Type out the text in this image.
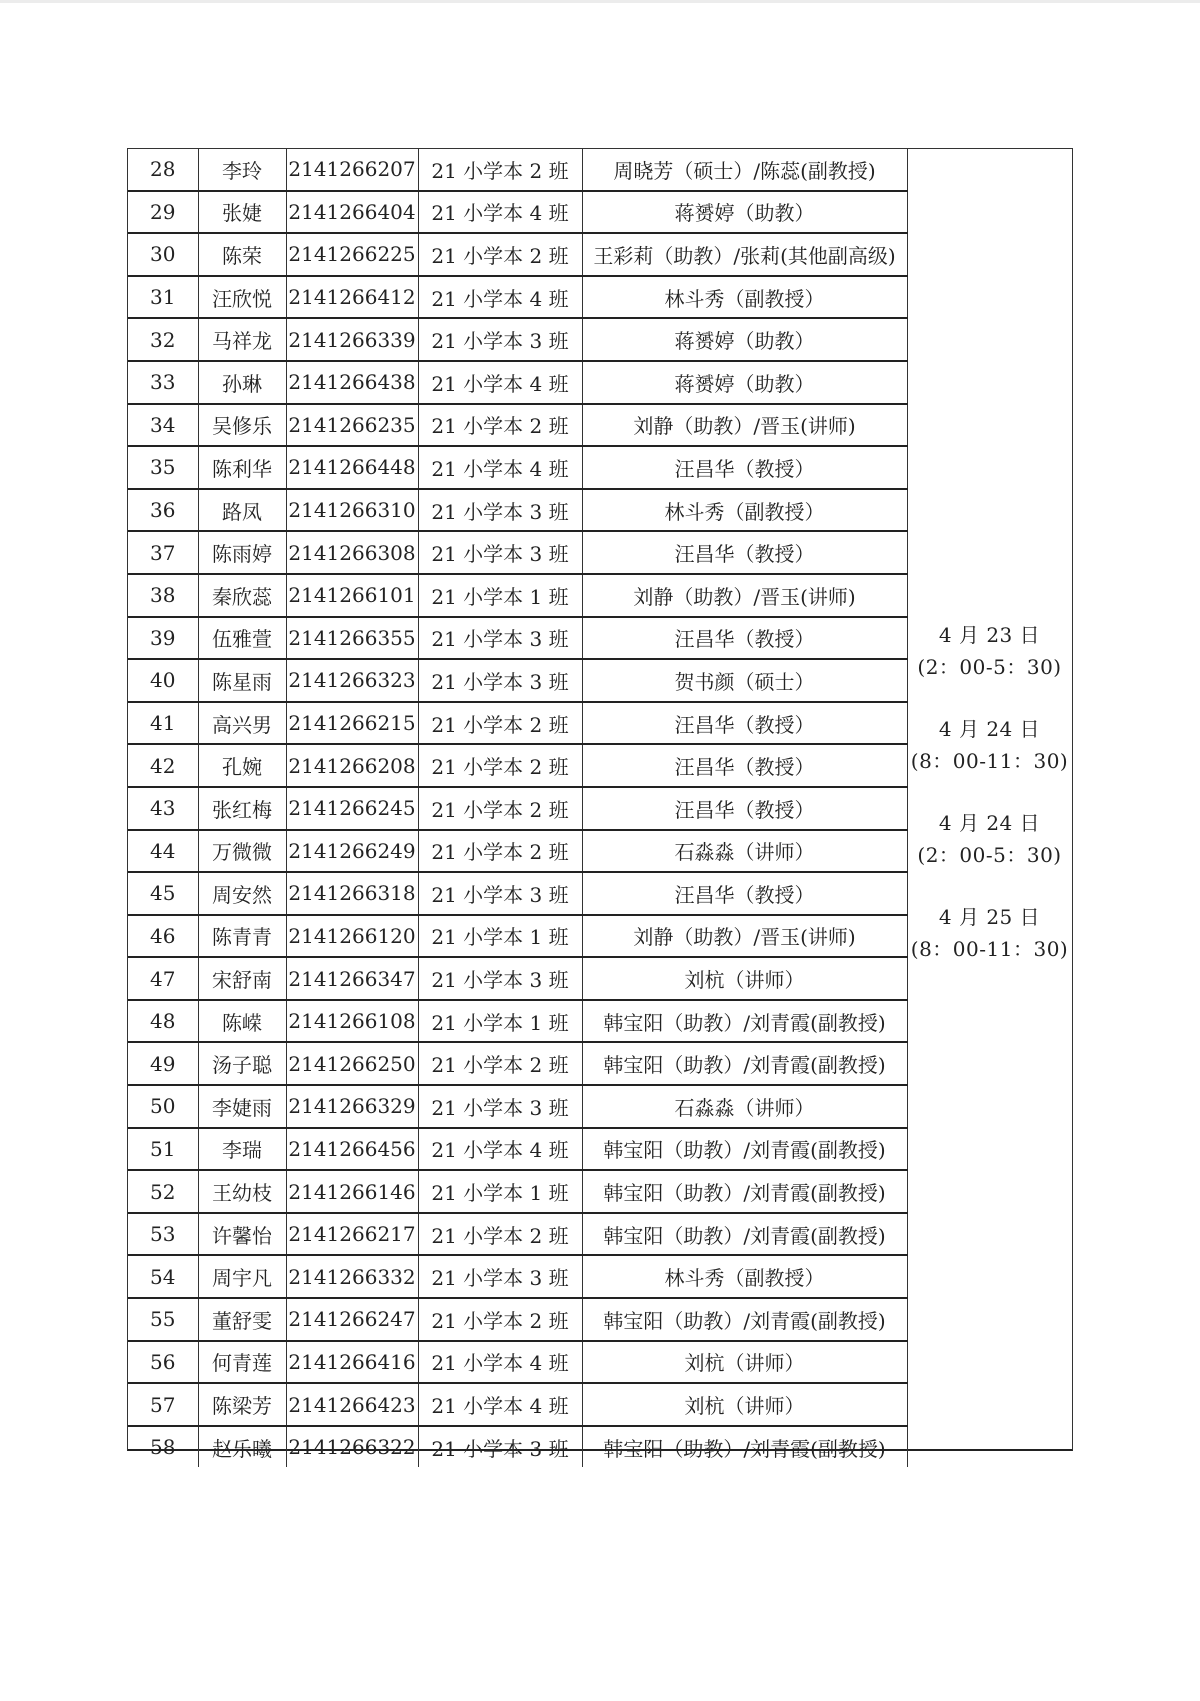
28	李玲	2141266207	21 小学本 2 班	周晓芳（硕士）/陈蕊(副教授)
29	张婕	2141266404	21 小学本 4 班	蒋赟婷（助教）
30	陈荣	2141266225	21 小学本 2 班	王彩莉（助教）/张莉(其他副高级)
31	汪欣悦	2141266412	21 小学本 4 班	林斗秀（副教授）
32	马祥龙	2141266339	21 小学本 3 班	蒋赟婷（助教）
33	孙琳	2141266438	21 小学本 4 班	蒋赟婷（助教）
34	吴修乐	2141266235	21 小学本 2 班	刘静（助教）/晋玉(讲师)
35	陈利华	2141266448	21 小学本 4 班	汪昌华（教授）
36	路凤	2141266310	21 小学本 3 班	林斗秀（副教授）
37	陈雨婷	2141266308	21 小学本 3 班	汪昌华（教授）
38	秦欣蕊	2141266101	21 小学本 1 班	刘静（助教）/晋玉(讲师)
39	伍雅萱	2141266355	21 小学本 3 班	汪昌华（教授）
40	陈星雨	2141266323	21 小学本 3 班	贺书颜（硕士）
41	高兴男	2141266215	21 小学本 2 班	汪昌华（教授）
42	孔婉	2141266208	21 小学本 2 班	汪昌华（教授）
43	张红梅	2141266245	21 小学本 2 班	汪昌华（教授）
44	万微微	2141266249	21 小学本 2 班	石淼淼（讲师）
45	周安然	2141266318	21 小学本 3 班	汪昌华（教授）
46	陈青青	2141266120	21 小学本 1 班	刘静（助教）/晋玉(讲师)
47	宋舒南	2141266347	21 小学本 3 班	刘杭（讲师）
48	陈嵘	2141266108	21 小学本 1 班	韩宝阳（助教）/刘青霞(副教授)
49	汤子聪	2141266250	21 小学本 2 班	韩宝阳（助教）/刘青霞(副教授)
50	李婕雨	2141266329	21 小学本 3 班	石淼淼（讲师）
51	李瑞	2141266456	21 小学本 4 班	韩宝阳（助教）/刘青霞(副教授)
52	王幼枝	2141266146	21 小学本 1 班	韩宝阳（助教）/刘青霞(副教授)
53	许馨怡	2141266217	21 小学本 2 班	韩宝阳（助教）/刘青霞(副教授)
54	周宇凡	2141266332	21 小学本 3 班	林斗秀（副教授）
55	董舒雯	2141266247	21 小学本 2 班	韩宝阳（助教）/刘青霞(副教授)
56	何青莲	2141266416	21 小学本 4 班	刘杭（讲师）
57	陈梁芳	2141266423	21 小学本 4 班	刘杭（讲师）
58	赵乐曦	2141266322	21 小学本 3 班	韩宝阳（助教）/刘青霞(副教授)
4 月 23 日
(2：00-5：30)
4 月 24 日
(8：00-11：30)
4 月 24 日
(2：00-5：30)
4 月 25 日
(8：00-11：30)
